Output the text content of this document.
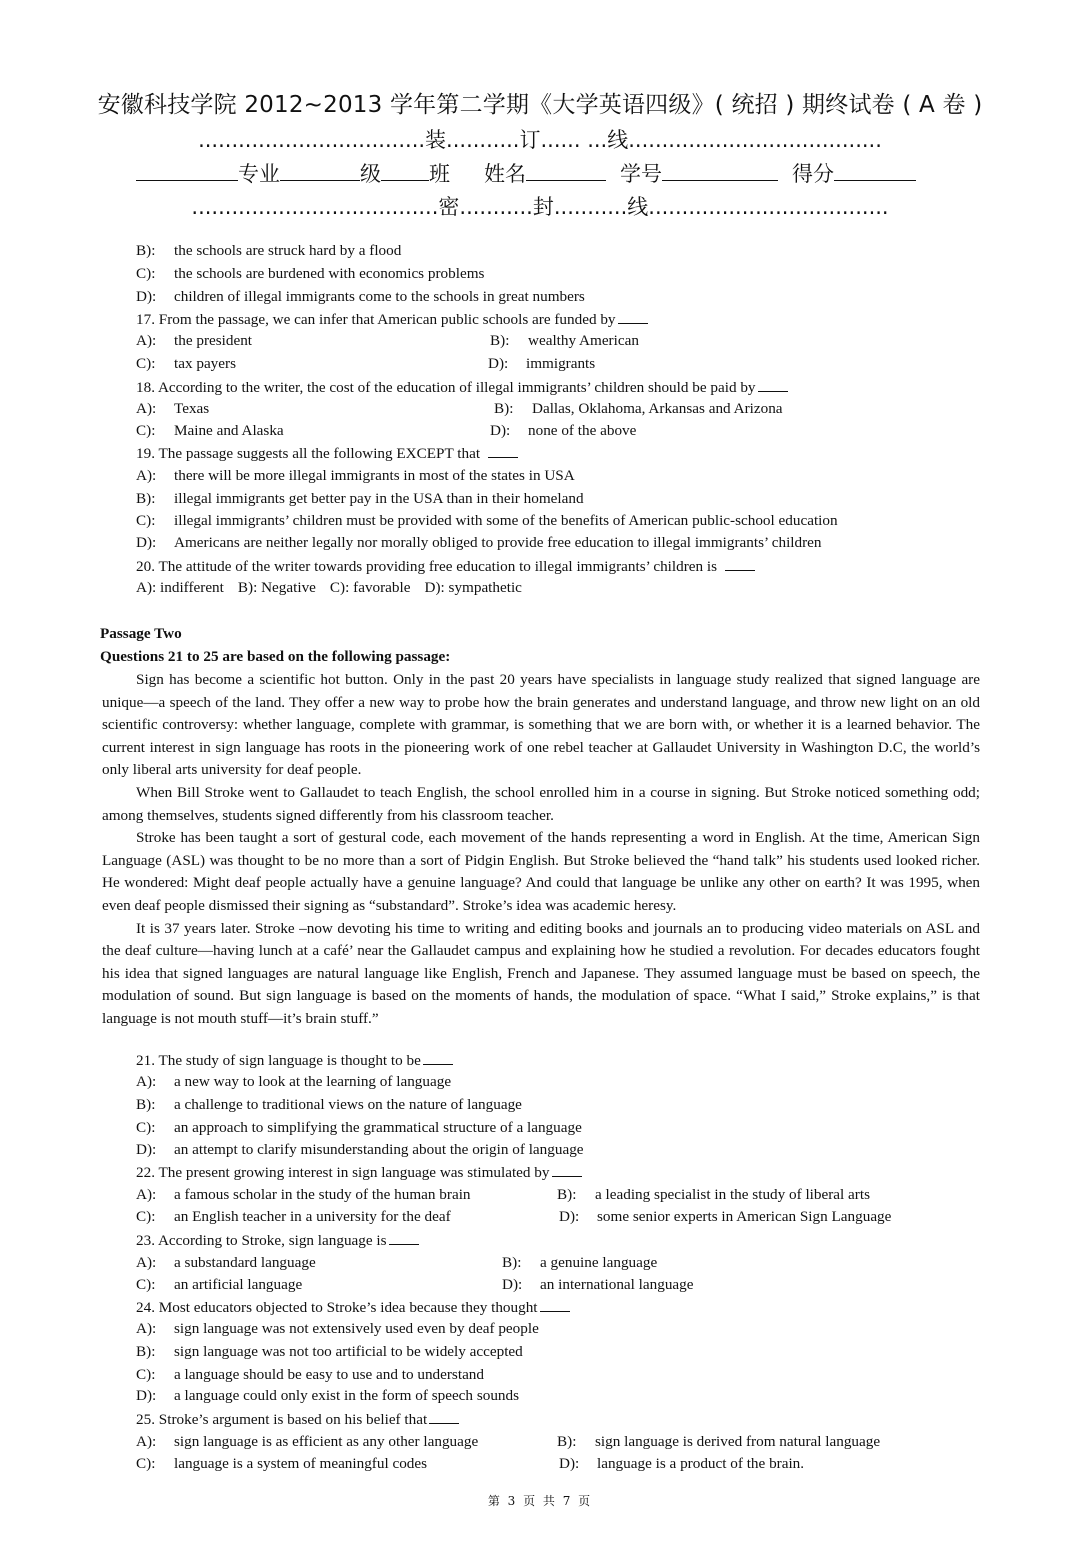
安徽科技学院 2012~2013 学年第二学期《大学英语四级》( 统招 ) 期终试卷 ( A 卷 )
..................................装...........订...... ...线......................................
专业	级 班 姓名	学号	得分
.....................................密...........封...........线....................................
B): the schools are struck hard by a flood
C): the schools are burdened with economics problems
D): children of illegal immigrants come to the schools in great numbers
17. From the passage, we can infer that American public schools are funded by
A): the president	B): wealthy American
C): tax payers	D): immigrants
18. According to the writer, the cost of the education of illegal immigrants’ children should be paid by
A): Texas	B): Dallas, Oklahoma, Arkansas and Arizona
C): Maine and Alaska	D): none of the above
19. The passage suggests all the following EXCEPT that
A): there will be more illegal immigrants in most of the states in USA
B): illegal immigrants get better pay in the USA than in their homeland
C): illegal immigrants’ children must be provided with some of the benefits of American public-school education
D): Americans are neither legally nor morally obliged to provide free education to illegal immigrants’ children
20. The attitude of the writer towards providing free education to illegal immigrants’ children is
A): indifferent B): Negative C): favorable D): sympathetic
Passage Two
Questions 21 to 25 are based on the following passage:

Sign has become a scientific hot button. Only in the past 20 years have specialists in language study realized that signed language are unique—a speech of the land. They offer a new way to probe how the brain generates and understand language, and throw new light on an old scientific controversy: whether language, complete with grammar, is something that we are born with, or whether it is a learned behavior. The current interest in sign language has roots in the pioneering work of one rebel teacher at Gallaudet University in Washington D.C, the world’s only liberal arts university for deaf people.

When Bill Stroke went to Gallaudet to teach English, the school enrolled him in a course in signing. But Stroke noticed something odd; among themselves, students signed differently from his classroom teacher.

Stroke has been taught a sort of gestural code, each movement of the hands representing a word in English. At the time, American Sign Language (ASL) was thought to be no more than a sort of Pidgin English. But Stroke believed the “hand talk” his students used looked richer. He wondered: Might deaf people actually have a genuine language? And could that language be unlike any other on earth? It was 1995, when even deaf people dismissed their signing as “substandard”. Stroke’s idea was academic heresy.

It is 37 years later. Stroke –now devoting his time to writing and editing books and journals an to producing video materials on ASL and the deaf culture—having lunch at a café’ near the Gallaudet campus and explaining how he studied a revolution. For decades educators fought his idea that signed languages are natural language like English, French and Japanese. They assumed language must be based on speech, the modulation of sound. But sign language is based on the moments of hands, the modulation of space. “What I said,” Stroke explains,” is that language is not mouth stuff—it’s brain stuff.”

21. The study of sign language is thought to be
A): a new way to look at the learning of language
B): a challenge to traditional views on the nature of language
C): an approach to simplifying the grammatical structure of a language
D): an attempt to clarify misunderstanding about the origin of language
22. The present growing interest in sign language was stimulated by
A): a famous scholar in the study of the human brain	B): a leading specialist in the study of liberal arts
C): an English teacher in a university for the deaf	D): some senior experts in American Sign Language
23. According to Stroke, sign language is
A): a substandard language	B): a genuine language
C): an artificial language	D): an international language
24. Most educators objected to Stroke’s idea because they thought
A): sign language was not extensively used even by deaf people
B): sign language was not too artificial to be widely accepted
C): a language should be easy to use and to understand
D): a language could only exist in the form of speech sounds
25. Stroke’s argument is based on his belief that
A): sign language is as efficient as any other language	B): sign language is derived from natural language
C): language is a system of meaningful codes	D): language is a product of the brain.
第 3 页 共 7 页
